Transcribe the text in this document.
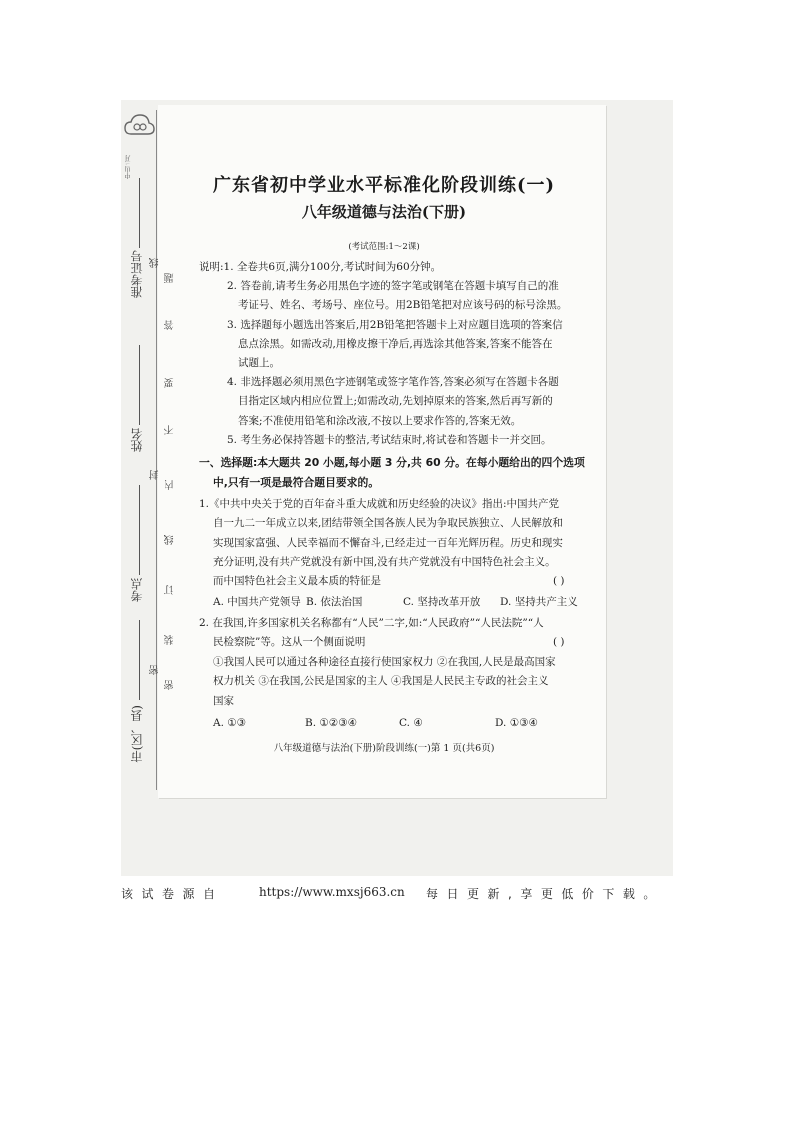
中山三月
准考证号
姓名
考点
市(区、县)
题
答
要
不
内
线
订
装
密
线
封
密
广东省初中学业水平标准化阶段训练(一)
八年级道德与法治(下册)
(考试范围:1～2课)
说明:1. 全卷共6页,满分100分,考试时间为60分钟。
2. 答卷前,请考生务必用黑色字迹的签字笔或钢笔在答题卡填写自己的准
考证号、姓名、考场号、座位号。用2B铅笔把对应该号码的标号涂黑。
3. 选择题每小题选出答案后,用2B铅笔把答题卡上对应题目选项的答案信
息点涂黑。如需改动,用橡皮擦干净后,再选涂其他答案,答案不能答在
试题上。
4. 非选择题必须用黑色字迹钢笔或签字笔作答,答案必须写在答题卡各题
目指定区域内相应位置上;如需改动,先划掉原来的答案,然后再写新的
答案;不准使用铅笔和涂改液,不按以上要求作答的,答案无效。
5. 考生务必保持答题卡的整洁,考试结束时,将试卷和答题卡一并交回。
一、选择题:本大题共 20 小题,每小题 3 分,共 60 分。在每小题给出的四个选项
中,只有一项是最符合题目要求的。
1.《中共中央关于党的百年奋斗重大成就和历史经验的决议》指出:中国共产党
自一九二一年成立以来,团结带领全国各族人民为争取民族独立、人民解放和
实现国家富强、人民幸福而不懈奋斗,已经走过一百年光辉历程。历史和现实
充分证明,没有共产党就没有新中国,没有共产党就没有中国特色社会主义。
而中国特色社会主义最本质的特征是	( )
A. 中国共产党领导 B. 依法治国	C. 坚持改革开放 D. 坚持共产主义
2. 在我国,许多国家机关名称都有“人民”二字,如:“人民政府”“人民法院”“人
民检察院”等。这从一个侧面说明	( )
①我国人民可以通过各种途径直接行使国家权力 ②在我国,人民是最高国家
权力机关 ③在我国,公民是国家的主人 ④我国是人民民主专政的社会主义
国家
A. ①③	B. ①②③④	C. ④	D. ①③④
八年级道德与法治(下册)阶段训练(一)第 1 页(共6页)
该试卷源自	https://www.mxsj663.cn 每日更新,享更低价下载。
